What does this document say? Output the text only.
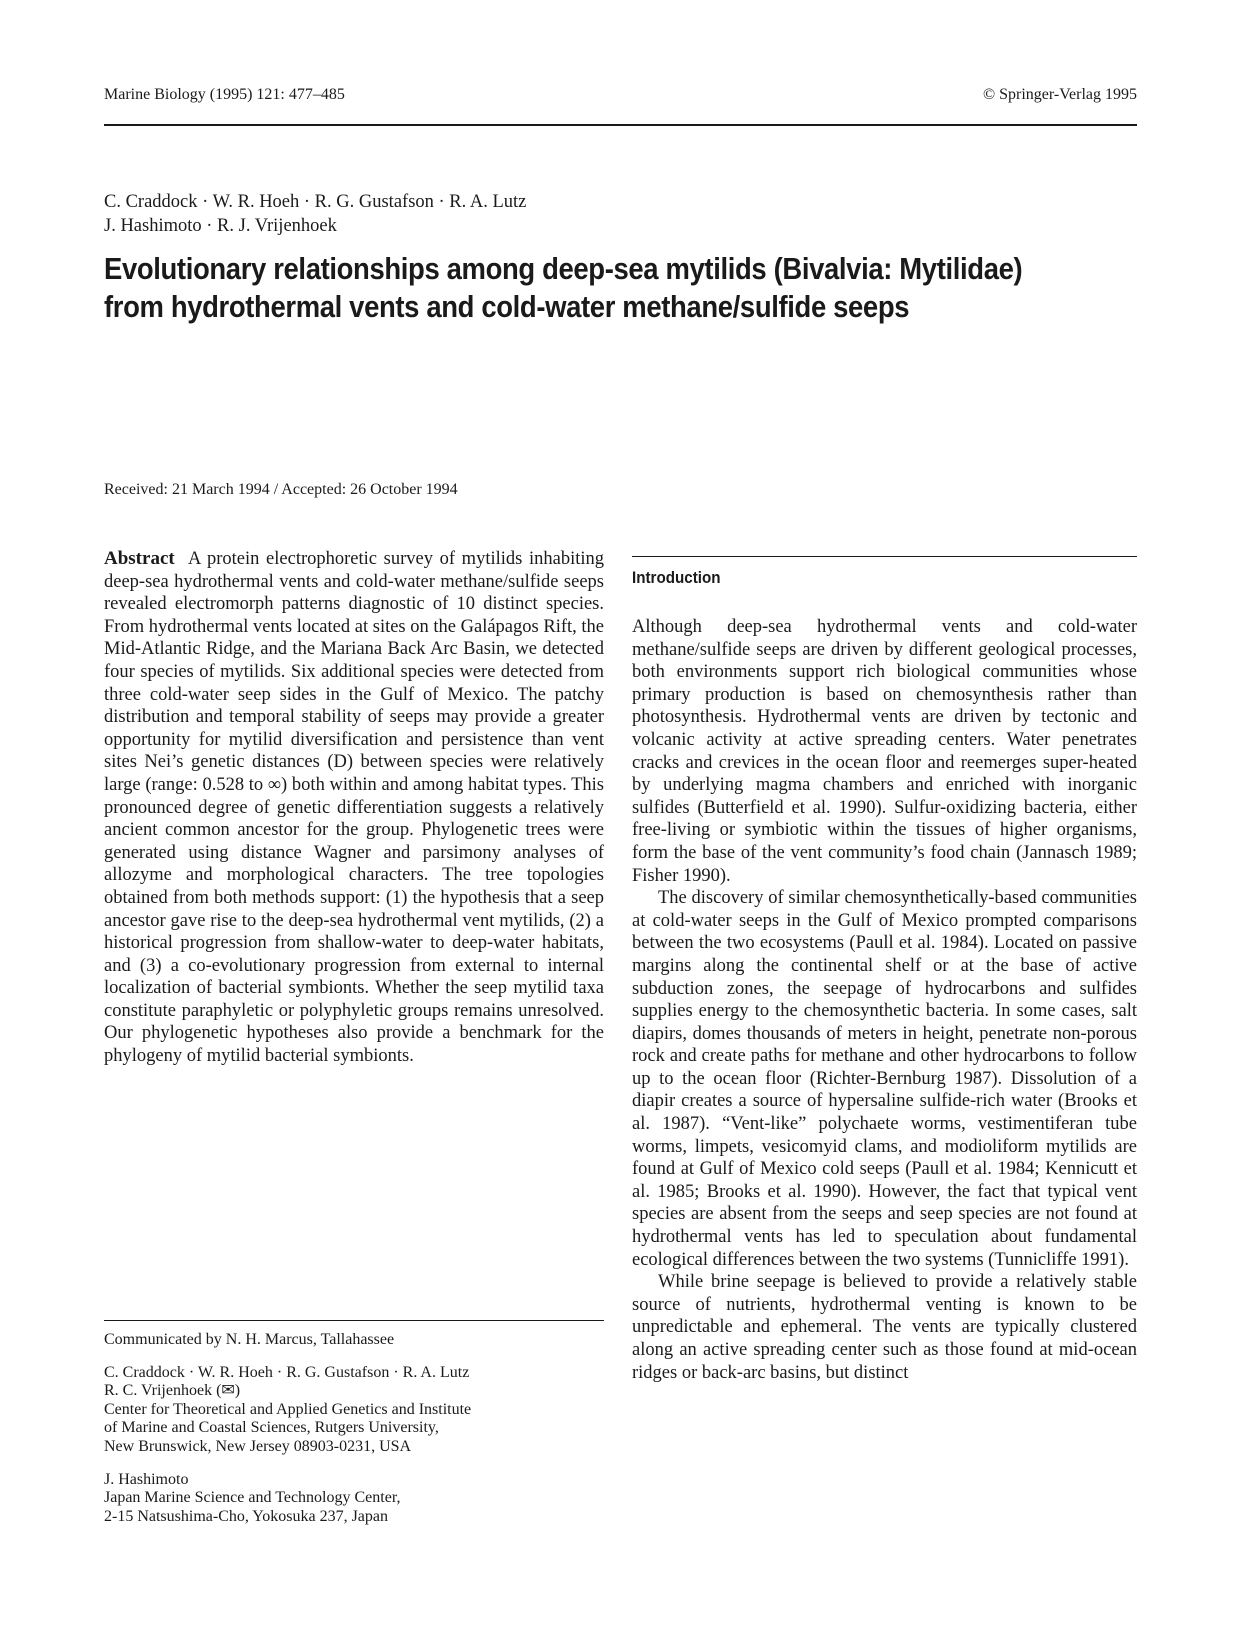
Marine Biology (1995) 121: 477–485	© Springer-Verlag 1995
C. Craddock · W. R. Hoeh · R. G. Gustafson · R. A. Lutz
J. Hashimoto · R. J. Vrijenhoek
Evolutionary relationships among deep-sea mytilids (Bivalvia: Mytilidae)
from hydrothermal vents and cold-water methane/sulfide seeps
Received: 21 March 1994 / Accepted: 26 October 1994

Abstract A protein electrophoretic survey of mytilids inhabiting deep-sea hydrothermal vents and cold-water methane/sulfide seeps revealed electromorph patterns diagnostic of 10 distinct species. From hydrothermal vents located at sites on the Galápagos Rift, the Mid-Atlantic Ridge, and the Mariana Back Arc Basin, we detected four species of mytilids. Six additional species were detected from three cold-water seep sides in the Gulf of Mexico. The patchy distribution and temporal stability of seeps may provide a greater opportunity for mytilid diversification and persistence than vent sites Nei’s genetic distances (D) between species were relatively large (range: 0.528 to ∞) both within and among habitat types. This pronounced degree of genetic differentiation suggests a relatively ancient common ancestor for the group. Phylogenetic trees were generated using distance Wagner and parsimony analyses of allozyme and morphological characters. The tree topologies obtained from both methods support: (1) the hypothesis that a seep ancestor gave rise to the deep-sea hydrothermal vent mytilids, (2) a historical progression from shallow-water to deep-water habitats, and (3) a co-evolutionary progression from external to internal localization of bacterial symbionts. Whether the seep mytilid taxa constitute paraphyletic or polyphyletic groups remains unresolved. Our phylogenetic hypotheses also provide a benchmark for the phylogeny of mytilid bacterial symbionts.

Communicated by N. H. Marcus, Tallahassee
C. Craddock · W. R. Hoeh · R. G. Gustafson · R. A. Lutz
R. C. Vrijenhoek (✉)
Center for Theoretical and Applied Genetics and Institute
of Marine and Coastal Sciences, Rutgers University,
New Brunswick, New Jersey 08903-0231, USA
J. Hashimoto
Japan Marine Science and Technology Center,
2-15 Natsushima-Cho, Yokosuka 237, Japan
Introduction

Although deep-sea hydrothermal vents and cold-water methane/sulfide seeps are driven by different geological processes, both environments support rich biological communities whose primary production is based on chemosynthesis rather than photosynthesis. Hydrothermal vents are driven by tectonic and volcanic activity at active spreading centers. Water penetrates cracks and crevices in the ocean floor and reemerges super-heated by underlying magma chambers and enriched with inorganic sulfides (Butterfield et al. 1990). Sulfur-oxidizing bacteria, either free-living or symbiotic within the tissues of higher organisms, form the base of the vent community’s food chain (Jannasch 1989; Fisher 1990).

The discovery of similar chemosynthetically-based communities at cold-water seeps in the Gulf of Mexico prompted comparisons between the two ecosystems (Paull et al. 1984). Located on passive margins along the continental shelf or at the base of active subduction zones, the seepage of hydrocarbons and sulfides supplies energy to the chemosynthetic bacteria. In some cases, salt diapirs, domes thousands of meters in height, penetrate non-porous rock and create paths for methane and other hydrocarbons to follow up to the ocean floor (Richter-Bernburg 1987). Dissolution of a diapir creates a source of hypersaline sulfide-rich water (Brooks et al. 1987). “Vent-like” polychaete worms, vestimentiferan tube worms, limpets, vesicomyid clams, and modioliform mytilids are found at Gulf of Mexico cold seeps (Paull et al. 1984; Kennicutt et al. 1985; Brooks et al. 1990). However, the fact that typical vent species are absent from the seeps and seep species are not found at hydrothermal vents has led to speculation about fundamental ecological differences between the two systems (Tunnicliffe 1991).

While brine seepage is believed to provide a relatively stable source of nutrients, hydrothermal venting is known to be unpredictable and ephemeral. The vents are typically clustered along an active spreading center such as those found at mid-ocean ridges or back-arc basins, but distinct
